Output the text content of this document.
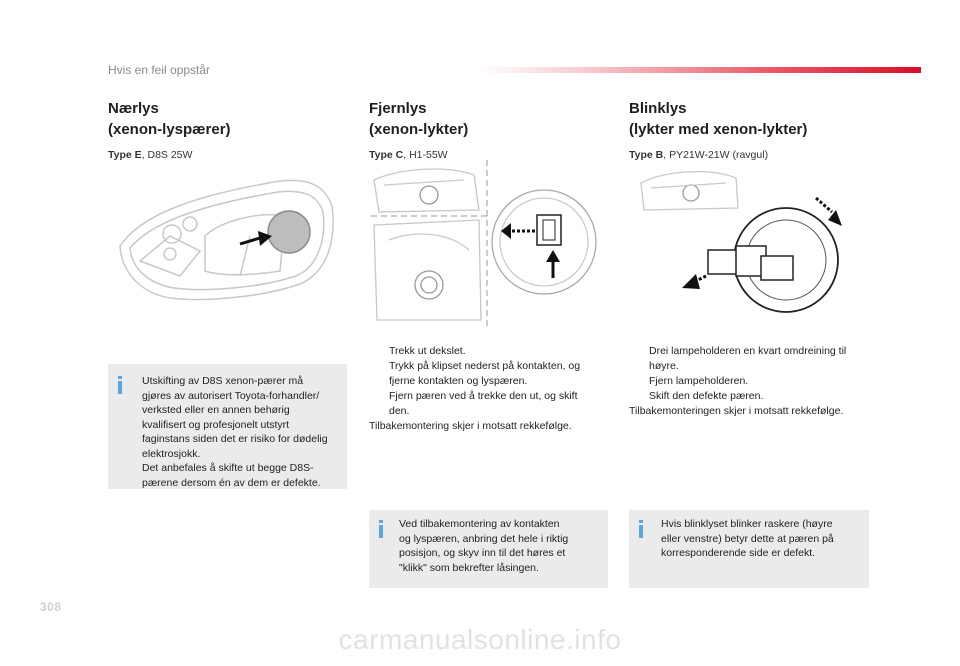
Hvis en feil oppstår
Nærlys
(xenon-lyspærer)
Type E, D8S 25W
Fjernlys
(xenon-lykter)
Type C, H1-55W
Blinklys
(lykter med xenon-lykter)
Type B, PY21W-21W (ravgul)
Utskifting av D8S xenon-pærer må
gjøres av autorisert Toyota-forhandler/
verksted eller en annen behørig
kvalifisert og profesjonelt utstyrt
faginstans siden det er risiko for dødelig
elektrosjokk.
Det anbefales å skifte ut begge D8S-
pærene dersom én av dem er defekte.
Trekk ut dekslet.
Trykk på klipset nederst på kontakten, og
fjerne kontakten og lyspæren.
Fjern pæren ved å trekke den ut, og skift
den.
Tilbakemontering skjer i motsatt rekkefølge.
Drei lampeholderen en kvart omdreining til
høyre.
Fjern lampeholderen.
Skift den defekte pæren.
Tilbakemonteringen skjer i motsatt rekkefølge.
Ved tilbakemontering av kontakten
og lyspæren, anbring det hele i riktig
posisjon, og skyv inn til det høres et
"klikk" som bekrefter låsingen.
Hvis blinklyset blinker raskere (høyre
eller venstre) betyr dette at pæren på
korresponderende side er defekt.
308
carmanualsonline.info
